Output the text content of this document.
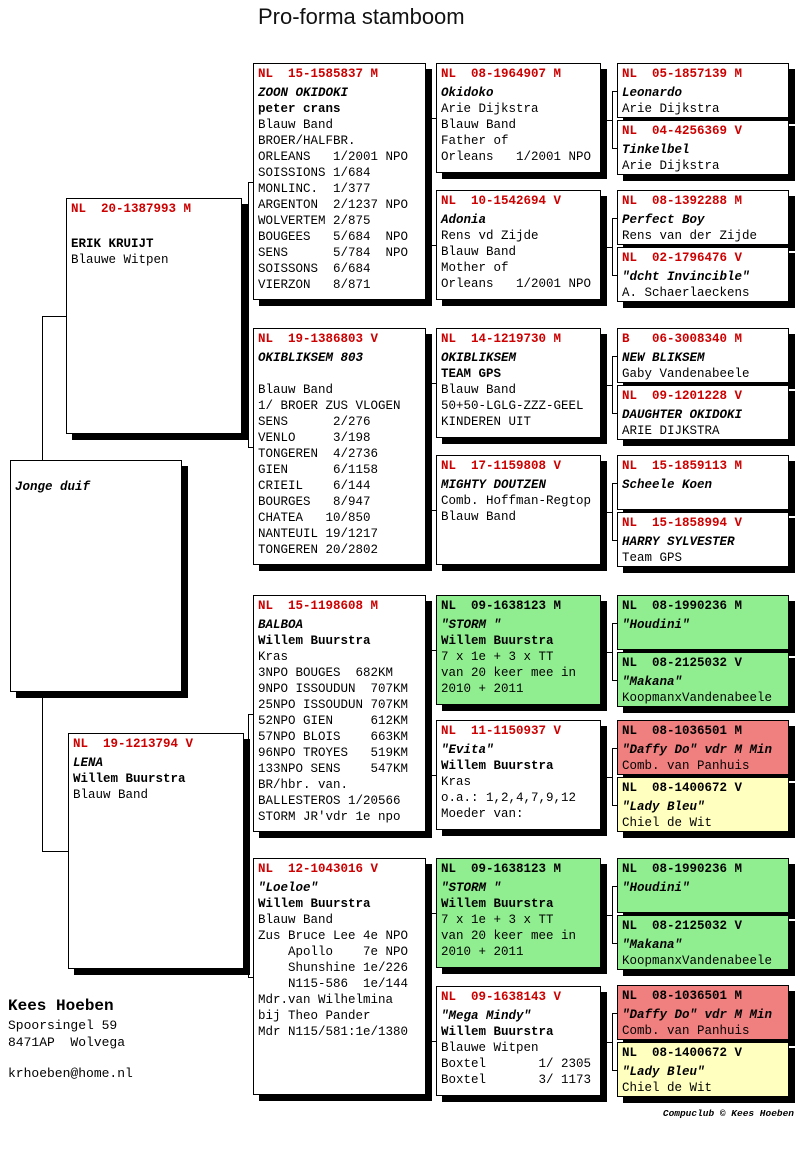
Pro-forma stamboom

Jonge duif
NL  20-1387993 M

ERIK KRUIJT
Blauwe Witpen
NL  19-1213794 V
LENA
Willem Buurstra
Blauw Band
NL  15-1585837 M
ZOON OKIDOKI
peter crans
Blauw Band
BROER/HALFBR.
ORLEANS   1/2001 NPO
SOISSIONS 1/684
MONLINC.  1/377
ARGENTON  2/1237 NPO
WOLVERTEM 2/875
BOUGEES   5/684  NPO
SENS      5/784  NPO
SOISSONS  6/684
VIERZON   8/871
NL  19-1386803 V
OKIBLIKSEM 803

Blauw Band
1/ BROER ZUS VLOGEN
SENS      2/276
VENLO     3/198
TONGEREN  4/2736
GIEN      6/1158
CRIEIL    6/144
BOURGES   8/947
CHATEA   10/850
NANTEUIL 19/1217
TONGEREN 20/2802
NL  15-1198608 M
BALBOA
Willem Buurstra
Kras
3NPO BOUGES  682KM
9NPO ISSOUDUN  707KM
25NPO ISSOUDUN 707KM
52NPO GIEN     612KM
57NPO BLOIS    663KM
96NPO TROYES   519KM
133NPO SENS    547KM
BR/hbr. van.
BALLESTEROS 1/20566
STORM JR'vdr 1e npo
NL  12-1043016 V
"Loeloe"
Willem Buurstra
Blauw Band
Zus Bruce Lee 4e NPO
Apollo    7e NPO
Shunshine 1e/226
N115-586  1e/144
Mdr.van Wilhelmina
bij Theo Pander
Mdr N115/581:1e/1380
NL  08-1964907 M
Okidoko
Arie Dijkstra
Blauw Band
Father of
Orleans   1/2001 NPO
NL  10-1542694 V
Adonia
Rens vd Zijde
Blauw Band
Mother of
Orleans   1/2001 NPO
NL  14-1219730 M
OKIBLIKSEM
TEAM GPS
Blauw Band
50+50-LGLG-ZZZ-GEEL
KINDEREN UIT
NL  17-1159808 V
MIGHTY DOUTZEN
Comb. Hoffman-Regtop
Blauw Band
NL  09-1638123 M
"STORM "
Willem Buurstra
7 x 1e + 3 x TT
van 20 keer mee in
2010 + 2011
NL  11-1150937 V
"Evita"
Willem Buurstra
Kras
o.a.: 1,2,4,7,9,12
Moeder van:
NL  09-1638123 M
"STORM "
Willem Buurstra
7 x 1e + 3 x TT
van 20 keer mee in
2010 + 2011
NL  09-1638143 V
"Mega Mindy"
Willem Buurstra
Blauwe Witpen
Boxtel       1/ 2305
Boxtel       3/ 1173
NL  05-1857139 M
Leonardo
Arie Dijkstra
NL  04-4256369 V
Tinkelbel
Arie Dijkstra
NL  08-1392288 M
Perfect Boy
Rens van der Zijde
NL  02-1796476 V
"dcht Invincible"
A. Schaerlaeckens
B   06-3008340 M
NEW BLIKSEM
Gaby Vandenabeele
NL  09-1201228 V
DAUGHTER OKIDOKI
ARIE DIJKSTRA
NL  15-1859113 M
Scheele Koen
NL  15-1858994 V
HARRY SYLVESTER
Team GPS
NL  08-1990236 M
"Houdini"
NL  08-2125032 V
"Makana"
KoopmanxVandenabeele
NL  08-1036501 M
"Daffy Do" vdr M Min
Comb. van Panhuis
NL  08-1400672 V
"Lady Bleu"
Chiel de Wit
NL  08-1990236 M
"Houdini"
NL  08-2125032 V
"Makana"
KoopmanxVandenabeele
NL  08-1036501 M
"Daffy Do" vdr M Min
Comb. van Panhuis
NL  08-1400672 V
"Lady Bleu"
Chiel de Wit
Kees Hoeben
Spoorsingel 59
8471AP  Wolvega
krhoeben@home.nl
Compuclub © Kees Hoeben
